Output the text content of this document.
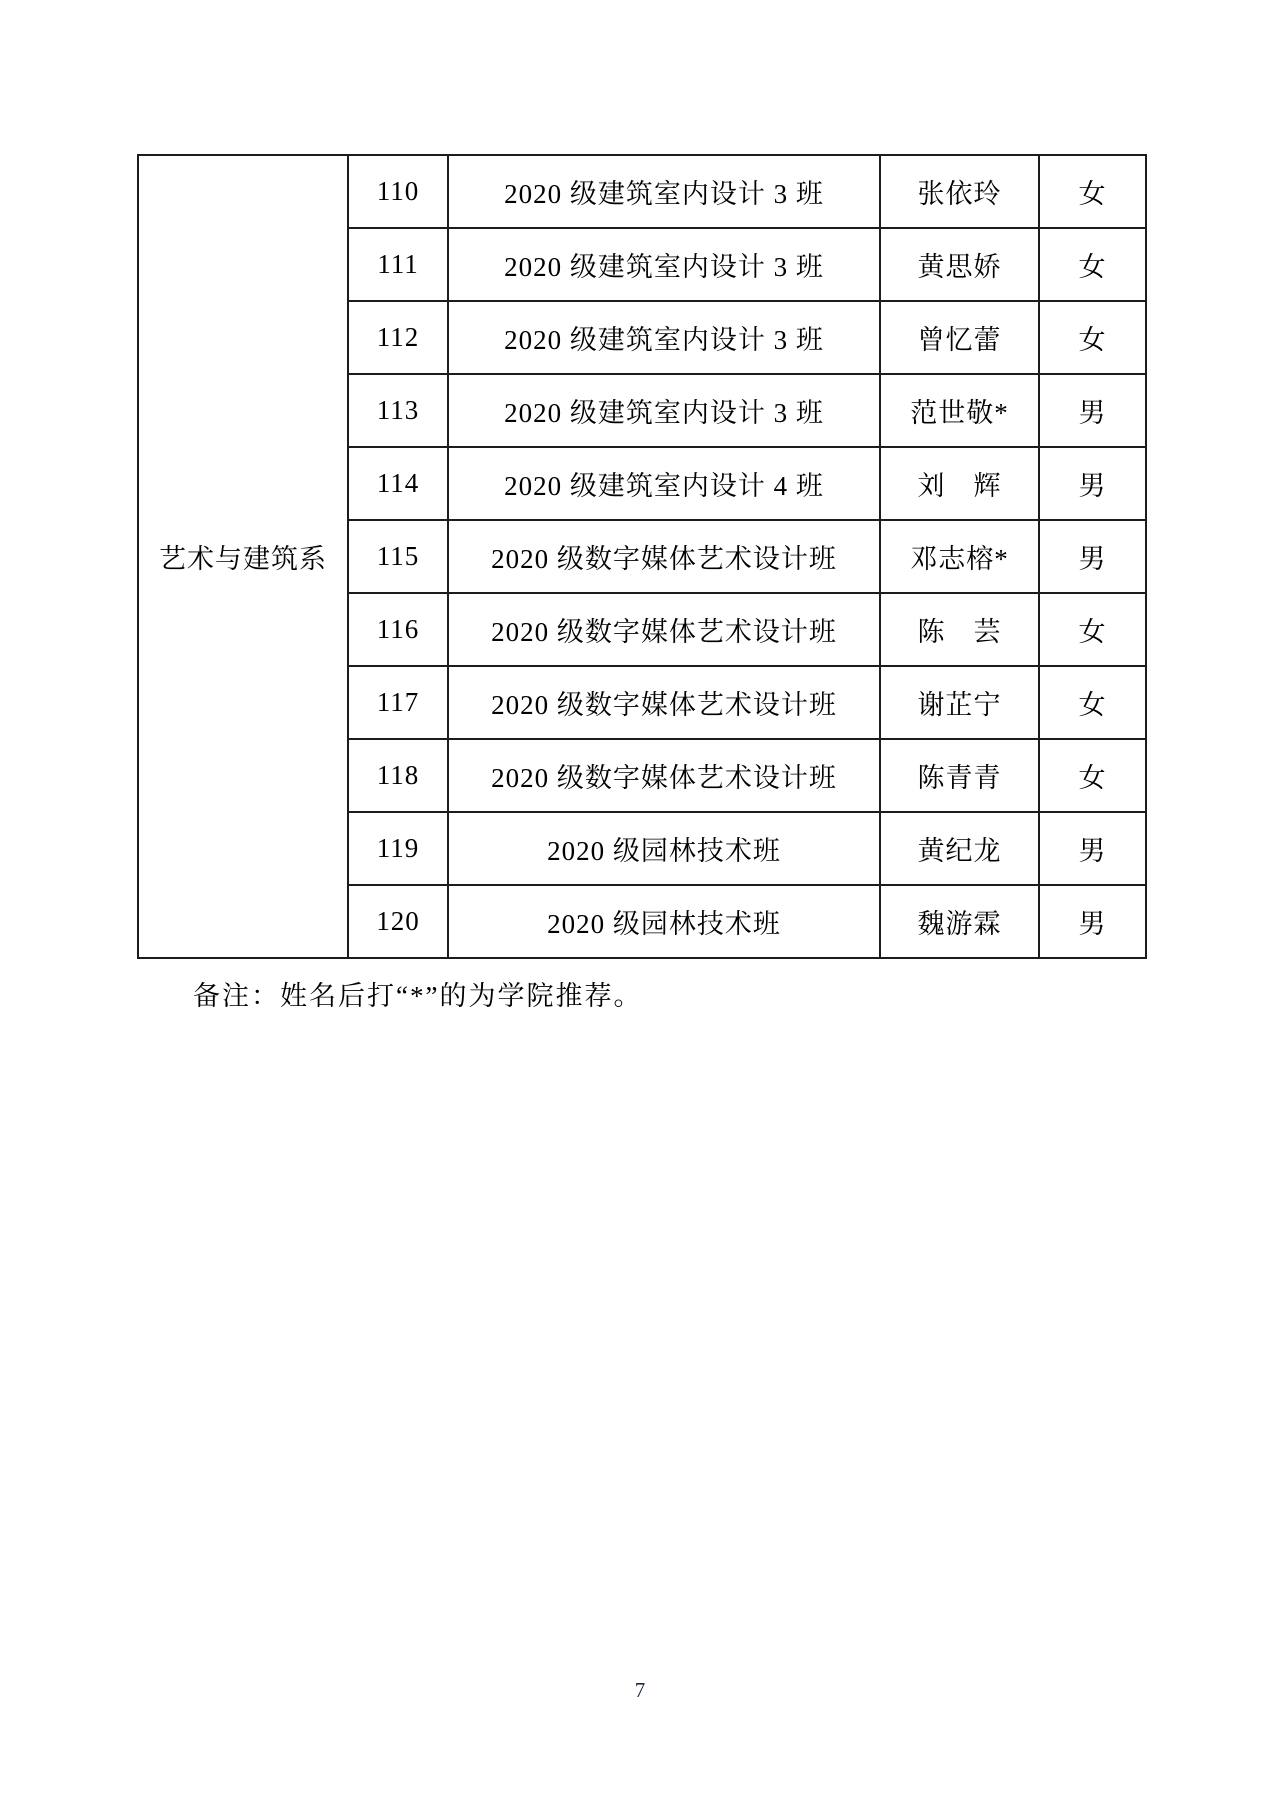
艺术与建筑系	110	2020 级建筑室内设计 3 班	张依玲	女
	111	2020 级建筑室内设计 3 班	黄思娇	女
	112	2020 级建筑室内设计 3 班	曾忆蕾	女
	113	2020 级建筑室内设计 3 班	范世敬*	男
	114	2020 级建筑室内设计 4 班	刘　辉	男
	115	2020 级数字媒体艺术设计班	邓志榕*	男
	116	2020 级数字媒体艺术设计班	陈　芸	女
	117	2020 级数字媒体艺术设计班	谢芷宁	女
	118	2020 级数字媒体艺术设计班	陈青青	女
	119	2020 级园林技术班	黄纪龙	男
	120	2020 级园林技术班	魏游霖	男
备注：姓名后打“*”的为学院推荐。
7
